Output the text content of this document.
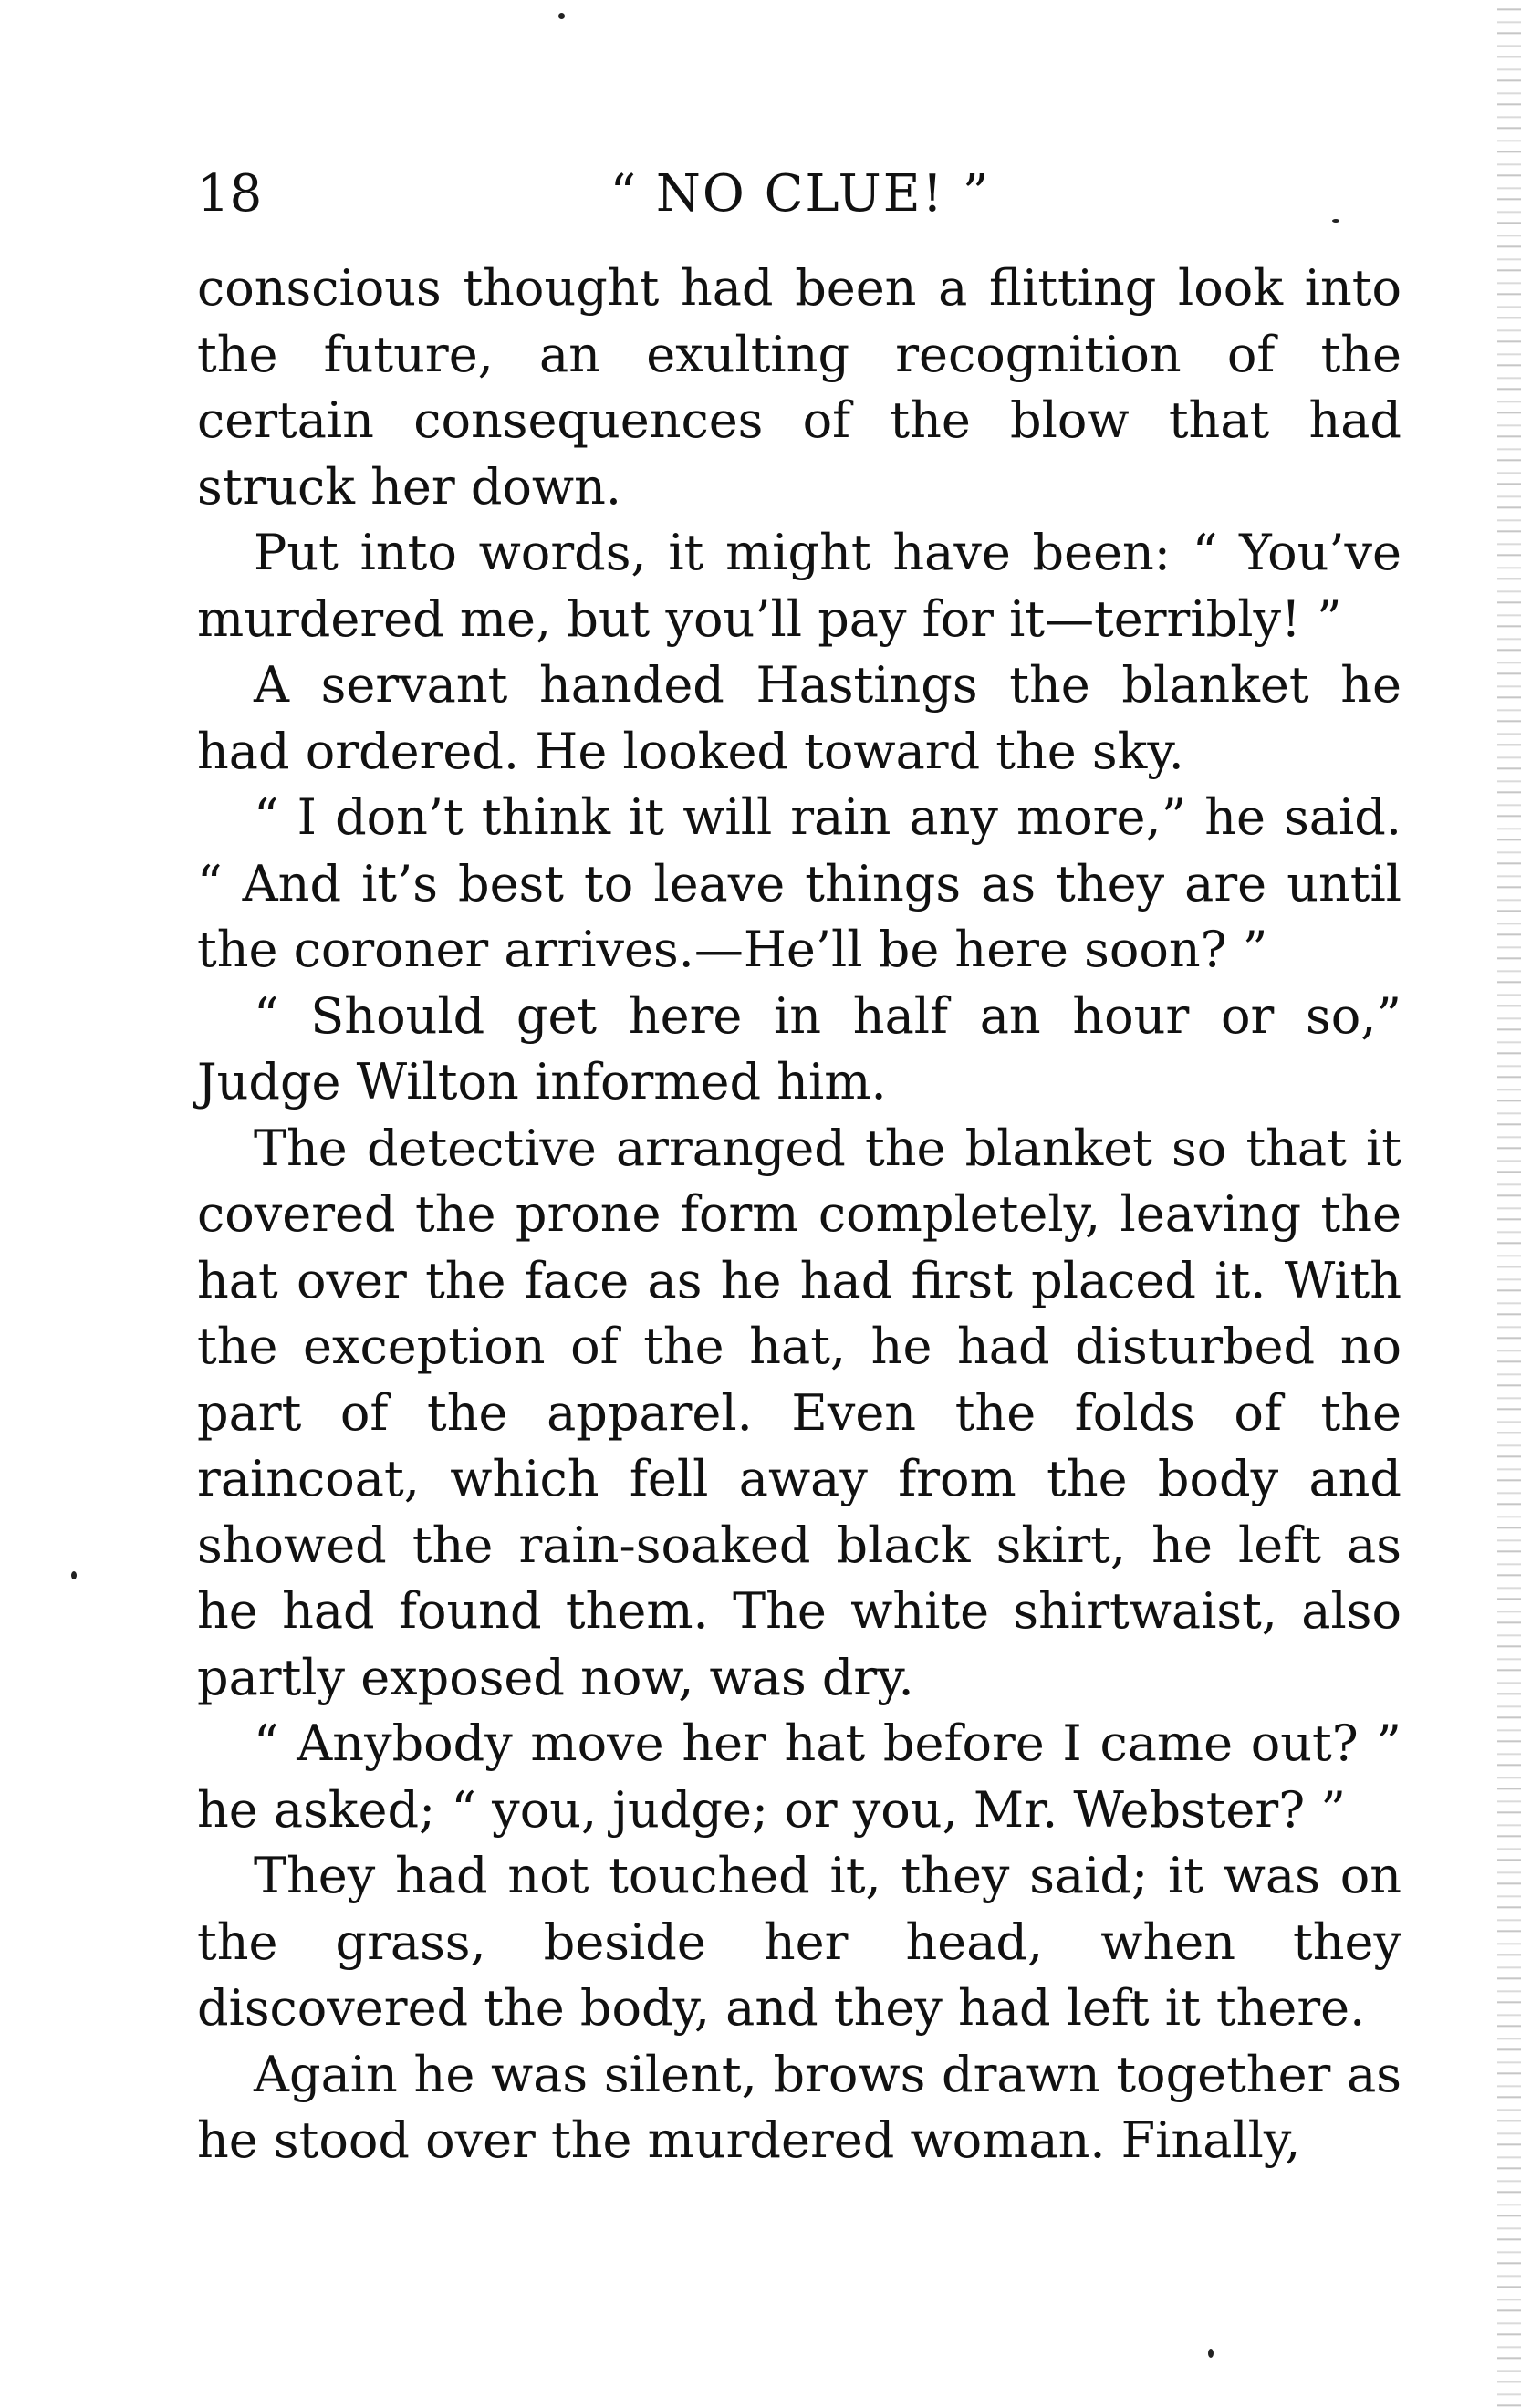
18	“ NO CLUE! ”

conscious thought had been a flitting look into the future, an exulting recognition of the certain consequences of the blow that had struck her down.

Put into words, it might have been: “ You’ve murdered me, but you’ll pay for it—terribly! ”

A servant handed Hastings the blanket he had ordered. He looked toward the sky.

“ I don’t think it will rain any more,” he said. “ And it’s best to leave things as they are until the coroner arrives.—He’ll be here soon? ”

“ Should get here in half an hour or so,” Judge Wilton informed him.

The detective arranged the blanket so that it covered the prone form completely, leaving the hat over the face as he had first placed it. With the exception of the hat, he had disturbed no part of the apparel. Even the folds of the raincoat, which fell away from the body and showed the rain-soaked black skirt, he left as he had found them. The white shirtwaist, also partly exposed now, was dry.

“ Anybody move her hat before I came out? ” he asked; “ you, judge; or you, Mr. Webster? ”

They had not touched it, they said; it was on the grass, beside her head, when they discovered the body, and they had left it there.

Again he was silent, brows drawn together as he stood over the murdered woman. Finally,
